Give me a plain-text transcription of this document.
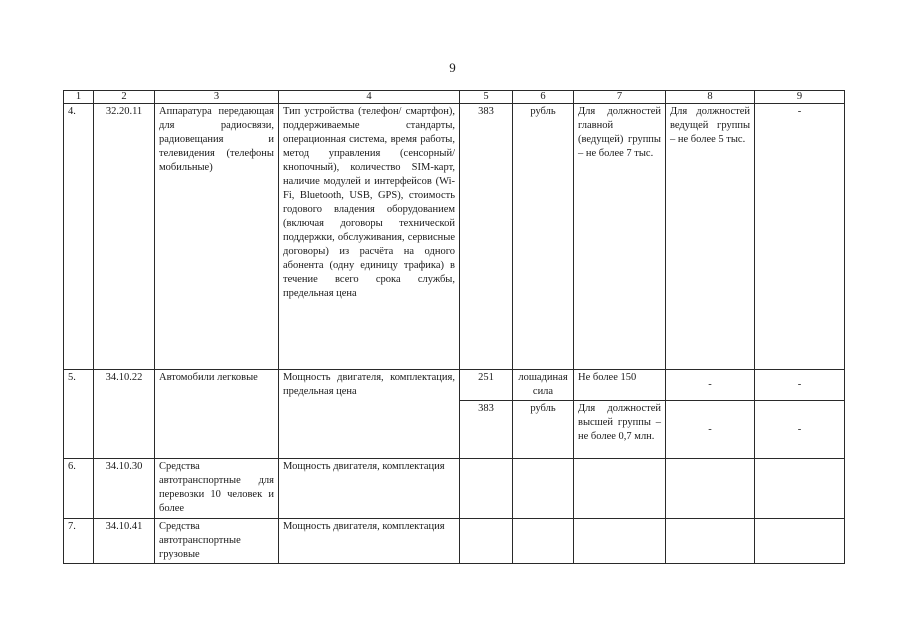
9
1	2	3	4	5	6	7	8	9
4.	32.20.11	Аппаратура передающая для радиосвязи, радиовещания и телевидения (телефоны мобильные)	Тип устройства (телефон/ смартфон), поддерживаемые стандарты, операционная система, время работы, метод управления (сенсорный/кнопочный), количество SIM-карт, наличие модулей и интерфейсов (Wi-Fi, Bluetooth, USB, GPS), стоимость годового владения оборудованием (включая договоры технической поддержки, обслуживания, сервисные договоры) из расчёта на одного абонента (одну единицу трафика) в течение всего срока службы, предельная цена	383	рубль	Для должностей главной (ведущей) группы – не более 7 тыс.	Для должностей ведущей группы – не более 5 тыс.	-
5.	34.10.22	Автомобили легковые	Мощность двигателя, комплектация, предельная цена	251	лошадиная сила	Не более 150	-	-
				383	рубль	Для должностей высшей группы – не более 0,7 млн.	-	-
6.	34.10.30	Средства автотранспортные для перевозки 10 человек и более	Мощность двигателя, комплектация					
7.	34.10.41	Средства автотранспортные грузовые	Мощность двигателя, комплектация					
